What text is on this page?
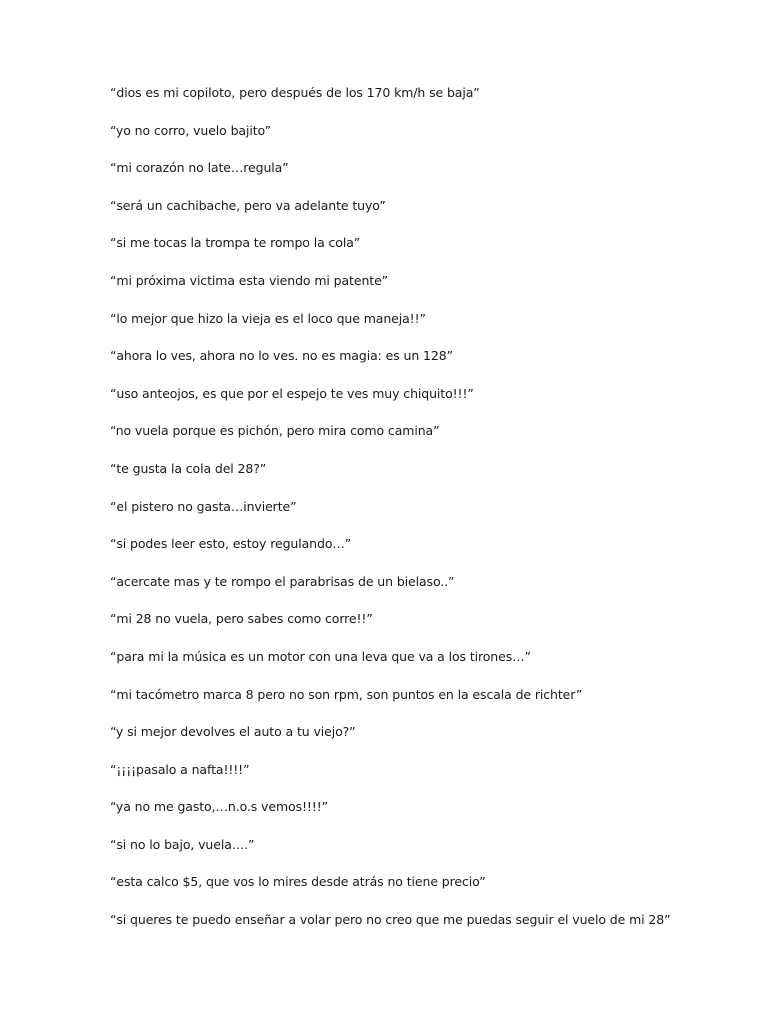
“dios es mi copiloto, pero después de los 170 km/h se baja”
“yo no corro, vuelo bajito”
“mi corazón no late…regula”
“será un cachibache, pero va adelante tuyo”
“si me tocas la trompa te rompo la cola”
“mi próxima victima esta viendo mi patente”
“lo mejor que hizo la vieja es el loco que maneja!!”
“ahora lo ves, ahora no lo ves. no es magia: es un 128”
“uso anteojos, es que por el espejo te ves muy chiquito!!!”
“no vuela porque es pichón, pero mira como camina”
“te gusta la cola del 28?”
“el pistero no gasta…invierte”
“si podes leer esto, estoy regulando…”
“acercate mas y te rompo el parabrisas de un bielaso..”
“mi 28 no vuela, pero sabes como corre!!”
“para mi la música es un motor con una leva que va a los tirones…”
“mi tacómetro marca 8 pero no son rpm, son puntos en la escala de richter”
“y si mejor devolves el auto a tu viejo?”
“¡¡¡¡pasalo a nafta!!!!”
“ya no me gasto,…n.o.s vemos!!!!”
“si no lo bajo, vuela….”
“esta calco $5, que vos lo mires desde atrás no tiene precio”
“si queres te puedo enseñar a volar pero no creo que me puedas seguir el vuelo de mi 28”
